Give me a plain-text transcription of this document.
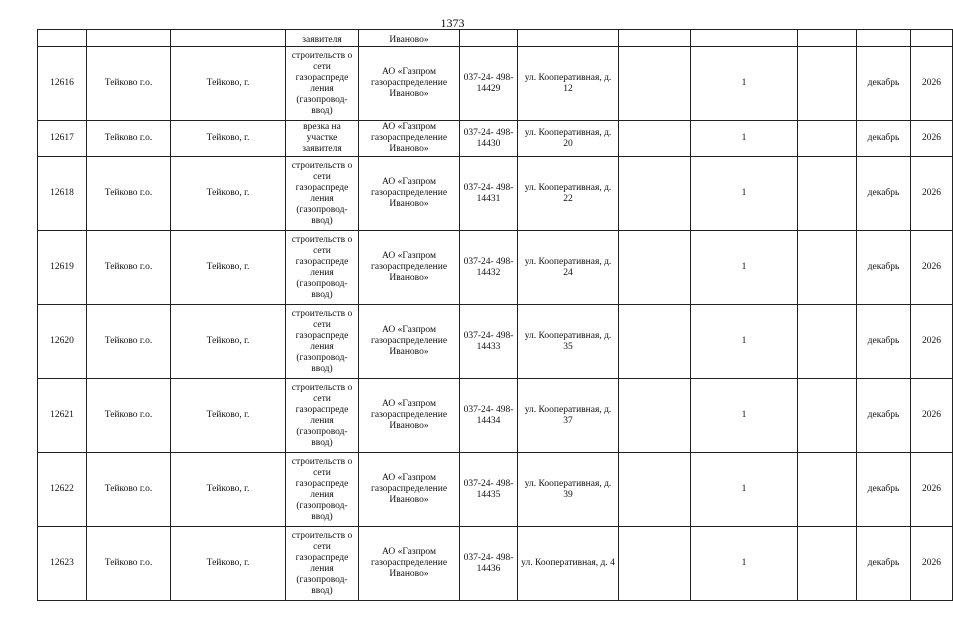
1373
			заявителя	Иваново»							
12616	Тейково г.о.	Тейково, г.	строительств о сети газораспреде ления (газопровод- ввод)	АО «Газпром газораспределение Иваново»	037-24- 498-14429	ул. Кооперативная, д. 12		1		декабрь	2026
12617	Тейково г.о.	Тейково, г.	врезка на участке заявителя	АО «Газпром газораспределение Иваново»	037-24- 498-14430	ул. Кооперативная, д. 20		1		декабрь	2026
12618	Тейково г.о.	Тейково, г.	строительств о сети газораспреде ления (газопровод- ввод)	АО «Газпром газораспределение Иваново»	037-24- 498-14431	ул. Кооперативная, д. 22		1		декабрь	2026
12619	Тейково г.о.	Тейково, г.	строительств о сети газораспреде ления (газопровод- ввод)	АО «Газпром газораспределение Иваново»	037-24- 498-14432	ул. Кооперативная, д. 24		1		декабрь	2026
12620	Тейково г.о.	Тейково, г.	строительств о сети газораспреде ления (газопровод- ввод)	АО «Газпром газораспределение Иваново»	037-24- 498-14433	ул. Кооперативная, д. 35		1		декабрь	2026
12621	Тейково г.о.	Тейково, г.	строительств о сети газораспреде ления (газопровод- ввод)	АО «Газпром газораспределение Иваново»	037-24- 498-14434	ул. Кооперативная, д. 37		1		декабрь	2026
12622	Тейково г.о.	Тейково, г.	строительств о сети газораспреде ления (газопровод- ввод)	АО «Газпром газораспределение Иваново»	037-24- 498-14435	ул. Кооперативная, д. 39		1		декабрь	2026
12623	Тейково г.о.	Тейково, г.	строительств о сети газораспреде ления (газопровод- ввод)	АО «Газпром газораспределение Иваново»	037-24- 498-14436	ул. Кооперативная, д. 4		1		декабрь	2026
